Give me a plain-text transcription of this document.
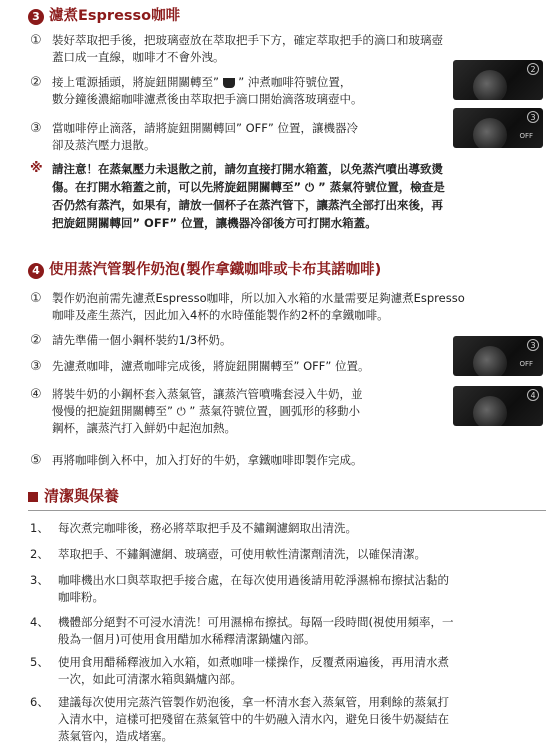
3 濾煮Espresso咖啡
① 裝好萃取把手後，把玻璃壺放在萃取把手下方，確定萃取把手的滴口和玻璃壺
蓋口成一直線，咖啡才不會外洩。
② 接上電源插頭，將旋鈕開關轉至” ” 沖煮咖啡符號位置，
數分鐘後濃縮咖啡濾煮後由萃取把手滴口開始滴落玻璃壺中。
2
③ 當咖啡停止滴落，請將旋鈕開關轉回” OFF” 位置，讓機器冷
卻及蒸汽壓力退散。
3
OFF
※ 請注意！在蒸氣壓力未退散之前，請勿直接打開水箱蓋，以免蒸汽噴出導致燙
傷。在打開水箱蓋之前，可以先將旋鈕開關轉至” ⏻ ” 蒸氣符號位置，檢查是
否仍然有蒸汽，如果有，請放一個杯子在蒸汽管下，讓蒸汽全部打出來後，再
把旋鈕開關轉回” OFF” 位置，讓機器冷卻後方可打開水箱蓋。
4 使用蒸汽管製作奶泡(製作拿鐵咖啡或卡布其諾咖啡)
① 製作奶泡前需先濾煮Espresso咖啡，所以加入水箱的水量需要足夠濾煮Espresso
咖啡及產生蒸汽，因此加入4杯的水時僅能製作約2杯的拿鐵咖啡。
② 請先準備一個小鋼杯裝約1/3杯奶。	3
OFF
③ 先濾煮咖啡，濾煮咖啡完成後，將旋鈕開關轉至” OFF” 位置。
④ 將裝牛奶的小鋼杯套入蒸氣管，讓蒸汽管噴嘴套浸入牛奶，並
慢慢的把旋鈕開關轉至” ⏻ ” 蒸氣符號位置，圓弧形的移動小
鋼杯，讓蒸汽打入鮮奶中起泡加熱。
4
⑤ 再將咖啡倒入杯中，加入打好的牛奶，拿鐵咖啡即製作完成。
清潔與保養
1、 每次煮完咖啡後，務必將萃取把手及不鏽鋼濾網取出清洗。
2、 萃取把手、不鏽鋼濾網、玻璃壺，可使用軟性清潔劑清洗，以確保清潔。
3、 咖啡機出水口與萃取把手接合處，在每次使用過後請用乾淨濕棉布擦拭沾黏的
咖啡粉。
4、 機體部分絕對不可浸水清洗！可用濕棉布擦拭。每隔一段時間(視使用頻率，一
般為一個月)可使用食用醋加水稀釋清潔鍋爐內部。
5、 使用食用醋稀釋液加入水箱，如煮咖啡一樣操作，反覆煮兩遍後，再用清水煮
一次，如此可清潔水箱與鍋爐內部。
6、 建議每次使用完蒸汽管製作奶泡後，拿一杯清水套入蒸氣管，用剩餘的蒸氣打
入清水中，這樣可把殘留在蒸氣管中的牛奶融入清水內，避免日後牛奶凝結在
蒸氣管內，造成堵塞。
